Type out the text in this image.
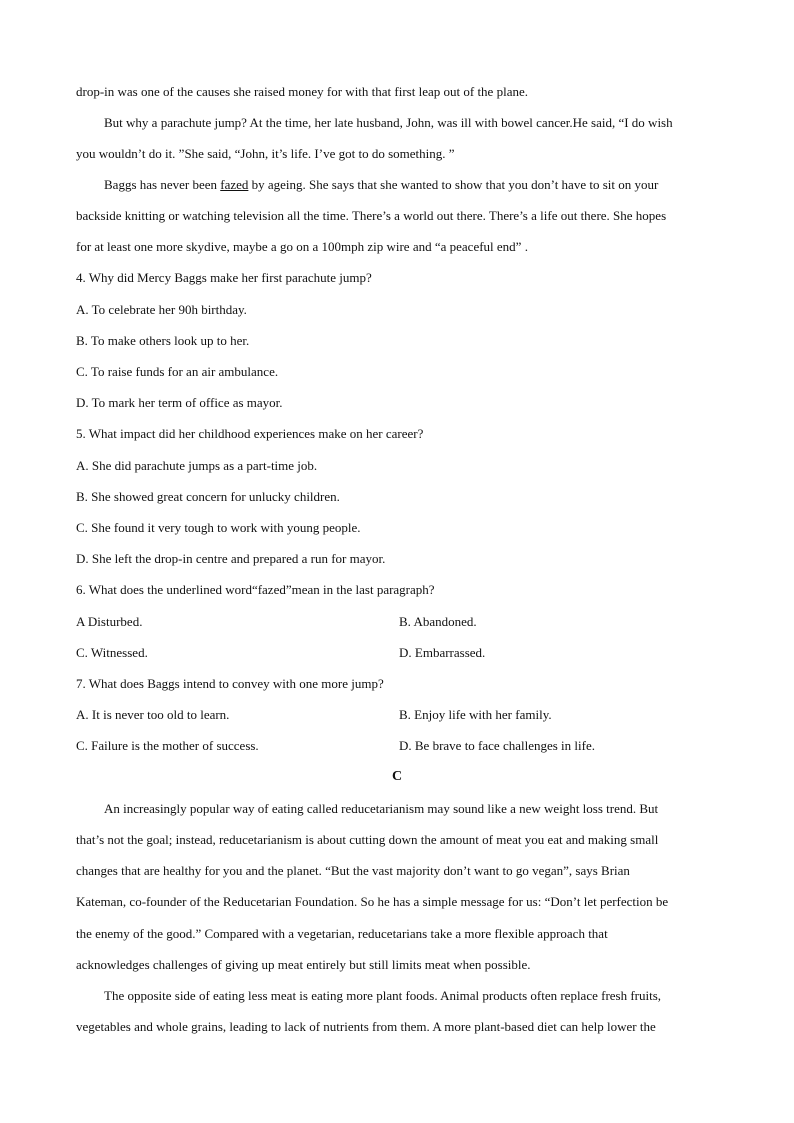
drop-in was one of the causes she raised money for with that first leap out of the plane.
But why a parachute jump? At the time, her late husband, John, was ill with bowel cancer.He said, “I do wish
you wouldn’t do it. ”She said, “John, it’s life. I’ve got to do something. ”
Baggs has never been fazed by ageing. She says that she wanted to show that you don’t have to sit on your
backside knitting or watching television all the time. There’s a world out there. There’s a life out there. She hopes
for at least one more skydive, maybe a go on a 100mph zip wire and “a peaceful end” .
4. Why did Mercy Baggs make her first parachute jump?
A. To celebrate her 90h birthday.
B. To make others look up to her.
C. To raise funds for an air ambulance.
D. To mark her term of office as mayor.
5. What impact did her childhood experiences make on her career?
A. She did parachute jumps as a part-time job.
B. She showed great concern for unlucky children.
C. She found it very tough to work with young people.
D. She left the drop-in centre and prepared a run for mayor.
6. What does the underlined word“fazed”mean in the last paragraph?
A Disturbed.	B. Abandoned.
C. Witnessed.	D. Embarrassed.
7. What does Baggs intend to convey with one more jump?
A. It is never too old to learn.	B. Enjoy life with her family.
C. Failure is the mother of success.	D. Be brave to face challenges in life.
C
An increasingly popular way of eating called reducetarianism may sound like a new weight loss trend. But
that’s not the goal; instead, reducetarianism is about cutting down the amount of meat you eat and making small
changes that are healthy for you and the planet. “But the vast majority don’t want to go vegan”, says Brian
Kateman, co-founder of the Reducetarian Foundation. So he has a simple message for us: “Don’t let perfection be
the enemy of the good.” Compared with a vegetarian, reducetarians take a more flexible approach that
acknowledges challenges of giving up meat entirely but still limits meat when possible.
The opposite side of eating less meat is eating more plant foods. Animal products often replace fresh fruits,
vegetables and whole grains, leading to lack of nutrients from them. A more plant-based diet can help lower the
